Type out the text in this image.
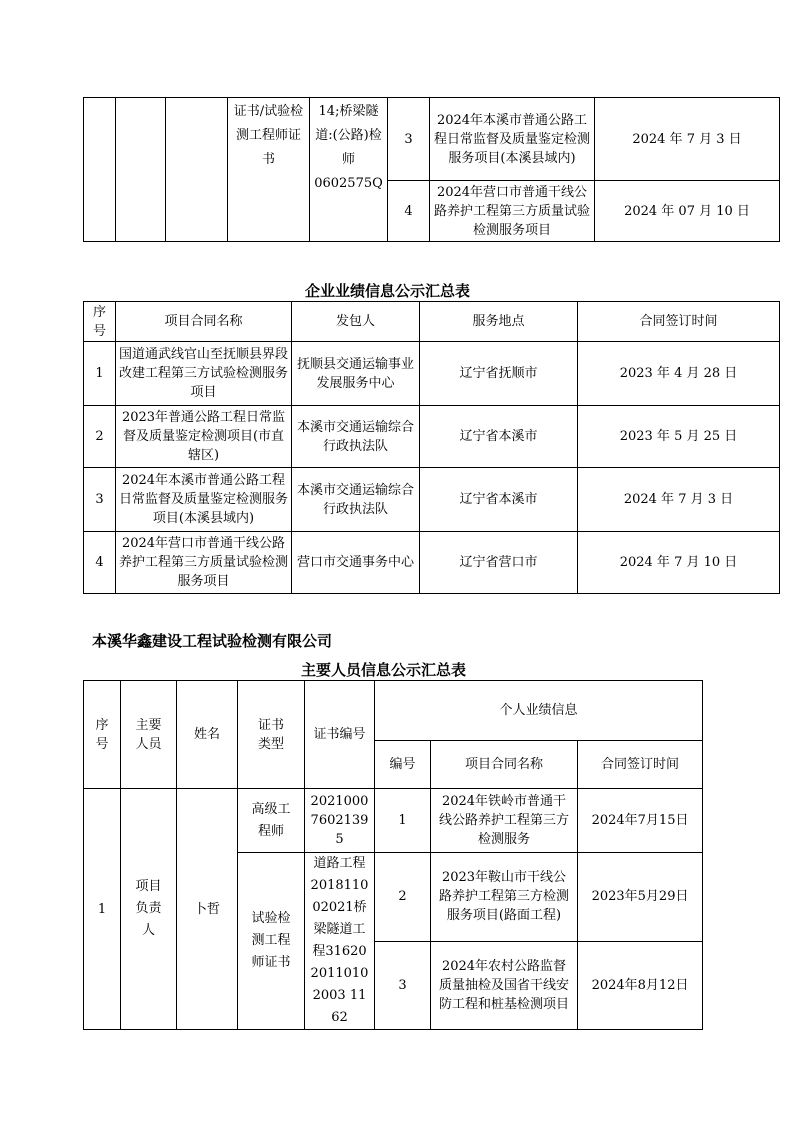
			证书/试验检测工程师证书	14;桥梁隧道:(公路)检师0602575Q	3	2024年本溪市普通公路工程日常监督及质量鉴定检测服务项目(本溪县域内)	2024 年 7 月 3 日
					4	2024年营口市普通干线公路养护工程第三方质量试验检测服务项目	2024 年 07 月 10 日
企业业绩信息公示汇总表
序号	项目合同名称	发包人	服务地点	合同签订时间
1	国道通武线官山至抚顺县界段改建工程第三方试验检测服务项目	抚顺县交通运输事业发展服务中心	辽宁省抚顺市	2023 年 4 月 28 日
2	2023年普通公路工程日常监督及质量鉴定检测项目(市直辖区)	本溪市交通运输综合行政执法队	辽宁省本溪市	2023 年 5 月 25 日
3	2024年本溪市普通公路工程日常监督及质量鉴定检测服务项目(本溪县域内)	本溪市交通运输综合行政执法队	辽宁省本溪市	2024 年 7 月 3 日
4	2024年营口市普通干线公路养护工程第三方质量试验检测服务项目	营口市交通事务中心	辽宁省营口市	2024 年 7 月 10 日
本溪华鑫建设工程试验检测有限公司
主要人员信息公示汇总表
序号	主要人员	姓名	证书类型	证书编号	个人业绩信息		
					编号	项目合同名称	合同签订时间
1	项目负责人	卜哲	高级工程师	202100076021395	1	2024年铁岭市普通干线公路养护工程第三方检测服务	2024年7月15日
			试验检测工程师证书	道路工程201811002021桥梁隧道工程3162020110102003 1162	2	2023年鞍山市干线公路养护工程第三方检测服务项目(路面工程)	2023年5月29日
					3	2024年农村公路监督质量抽检及国省干线安防工程和桩基检测项目	2024年8月12日
